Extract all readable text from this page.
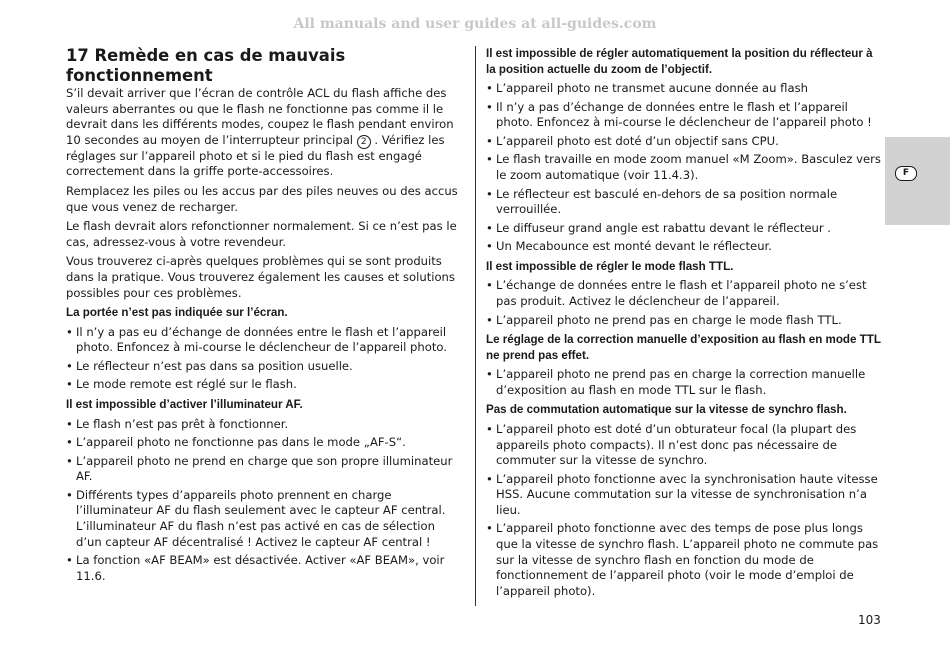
All manuals and user guides at all-guides.com
17 Remède en cas de mauvais fonctionnement

S’il devait arriver que l’écran de contrôle ACL du flash affiche des valeurs aberrantes ou que le flash ne fonctionne pas comme il le devrait dans les différents modes, coupez le flash pendant environ 10 secondes au moyen de l’interrupteur principal 2 . Vérifiez les réglages sur l’appareil photo et si le pied du flash est engagé correctement dans la griffe porte-accessoires.

Remplacez les piles ou les accus par des piles neuves ou des accus que vous venez de recharger.

Le flash devrait alors refonctionner normalement. Si ce n’est pas le cas, adressez-vous à votre revendeur.

Vous trouverez ci-après quelques problèmes qui se sont produits dans la pratique. Vous trouverez également les causes et solutions possibles pour ces problèmes.

La portée n’est pas indiquée sur l’écran.
• Il n’y a pas eu d’échange de données entre le flash et l’appareil photo. Enfoncez à mi-course le déclencheur de l’appareil photo.
• Le réflecteur n’est pas dans sa position usuelle.
• Le mode remote est réglé sur le flash.
Il est impossible d’activer l’illuminateur AF.
• Le flash n’est pas prêt à fonctionner.
• L’appareil photo ne fonctionne pas dans le mode „AF-S“.
• L’appareil photo ne prend en charge que son propre illuminateur AF.
• Différents types d’appareils photo prennent en charge l’illuminateur AF du flash seulement avec le capteur AF central. L’illuminateur AF du flash n’est pas activé en cas de sélection d’un capteur AF décentralisé ! Activez le capteur AF central !
• La fonction «AF BEAM» est désactivée. Activer «AF BEAM», voir 11.6.
Il est impossible de régler automatiquement la position du réflecteur à la position actuelle du zoom de l’objectif.
• L’appareil photo ne transmet aucune donnée au flash
• Il n’y a pas d’échange de données entre le flash et l’appareil photo. Enfoncez à mi-course le déclencheur de l’appareil photo !
• L’appareil photo est doté d’un objectif sans CPU.
• Le flash travaille en mode zoom manuel «M Zoom». Basculez vers le zoom automatique (voir 11.4.3).
• Le réflecteur est basculé en-dehors de sa position normale verrouillée.
• Le diffuseur grand angle est rabattu devant le réflecteur .
• Un Mecabounce est monté devant le réflecteur.
Il est impossible de régler le mode flash TTL.
• L’échange de données entre le flash et l’appareil photo ne s’est pas produit. Activez le déclencheur de l’appareil.
• L’appareil photo ne prend pas en charge le mode flash TTL.
Le réglage de la correction manuelle d’exposition au flash en mode TTL ne prend pas effet.
• L’appareil photo ne prend pas en charge la correction manuelle d’exposition au flash en mode TTL sur le flash.
Pas de commutation automatique sur la vitesse de synchro flash.
• L’appareil photo est doté d’un obturateur focal (la plupart des appareils photo compacts). Il n’est donc pas nécessaire de commuter sur la vitesse de synchro.
• L’appareil photo fonctionne avec la synchronisation haute vitesse HSS. Aucune commutation sur la vitesse de synchronisation n’a lieu.
• L’appareil photo fonctionne avec des temps de pose plus longs que la vitesse de synchro flash. L’appareil photo ne commute pas sur la vitesse de synchro flash en fonction du mode de fonctionnement de l’appareil photo (voir le mode d’emploi de l’appareil photo).
F
103
